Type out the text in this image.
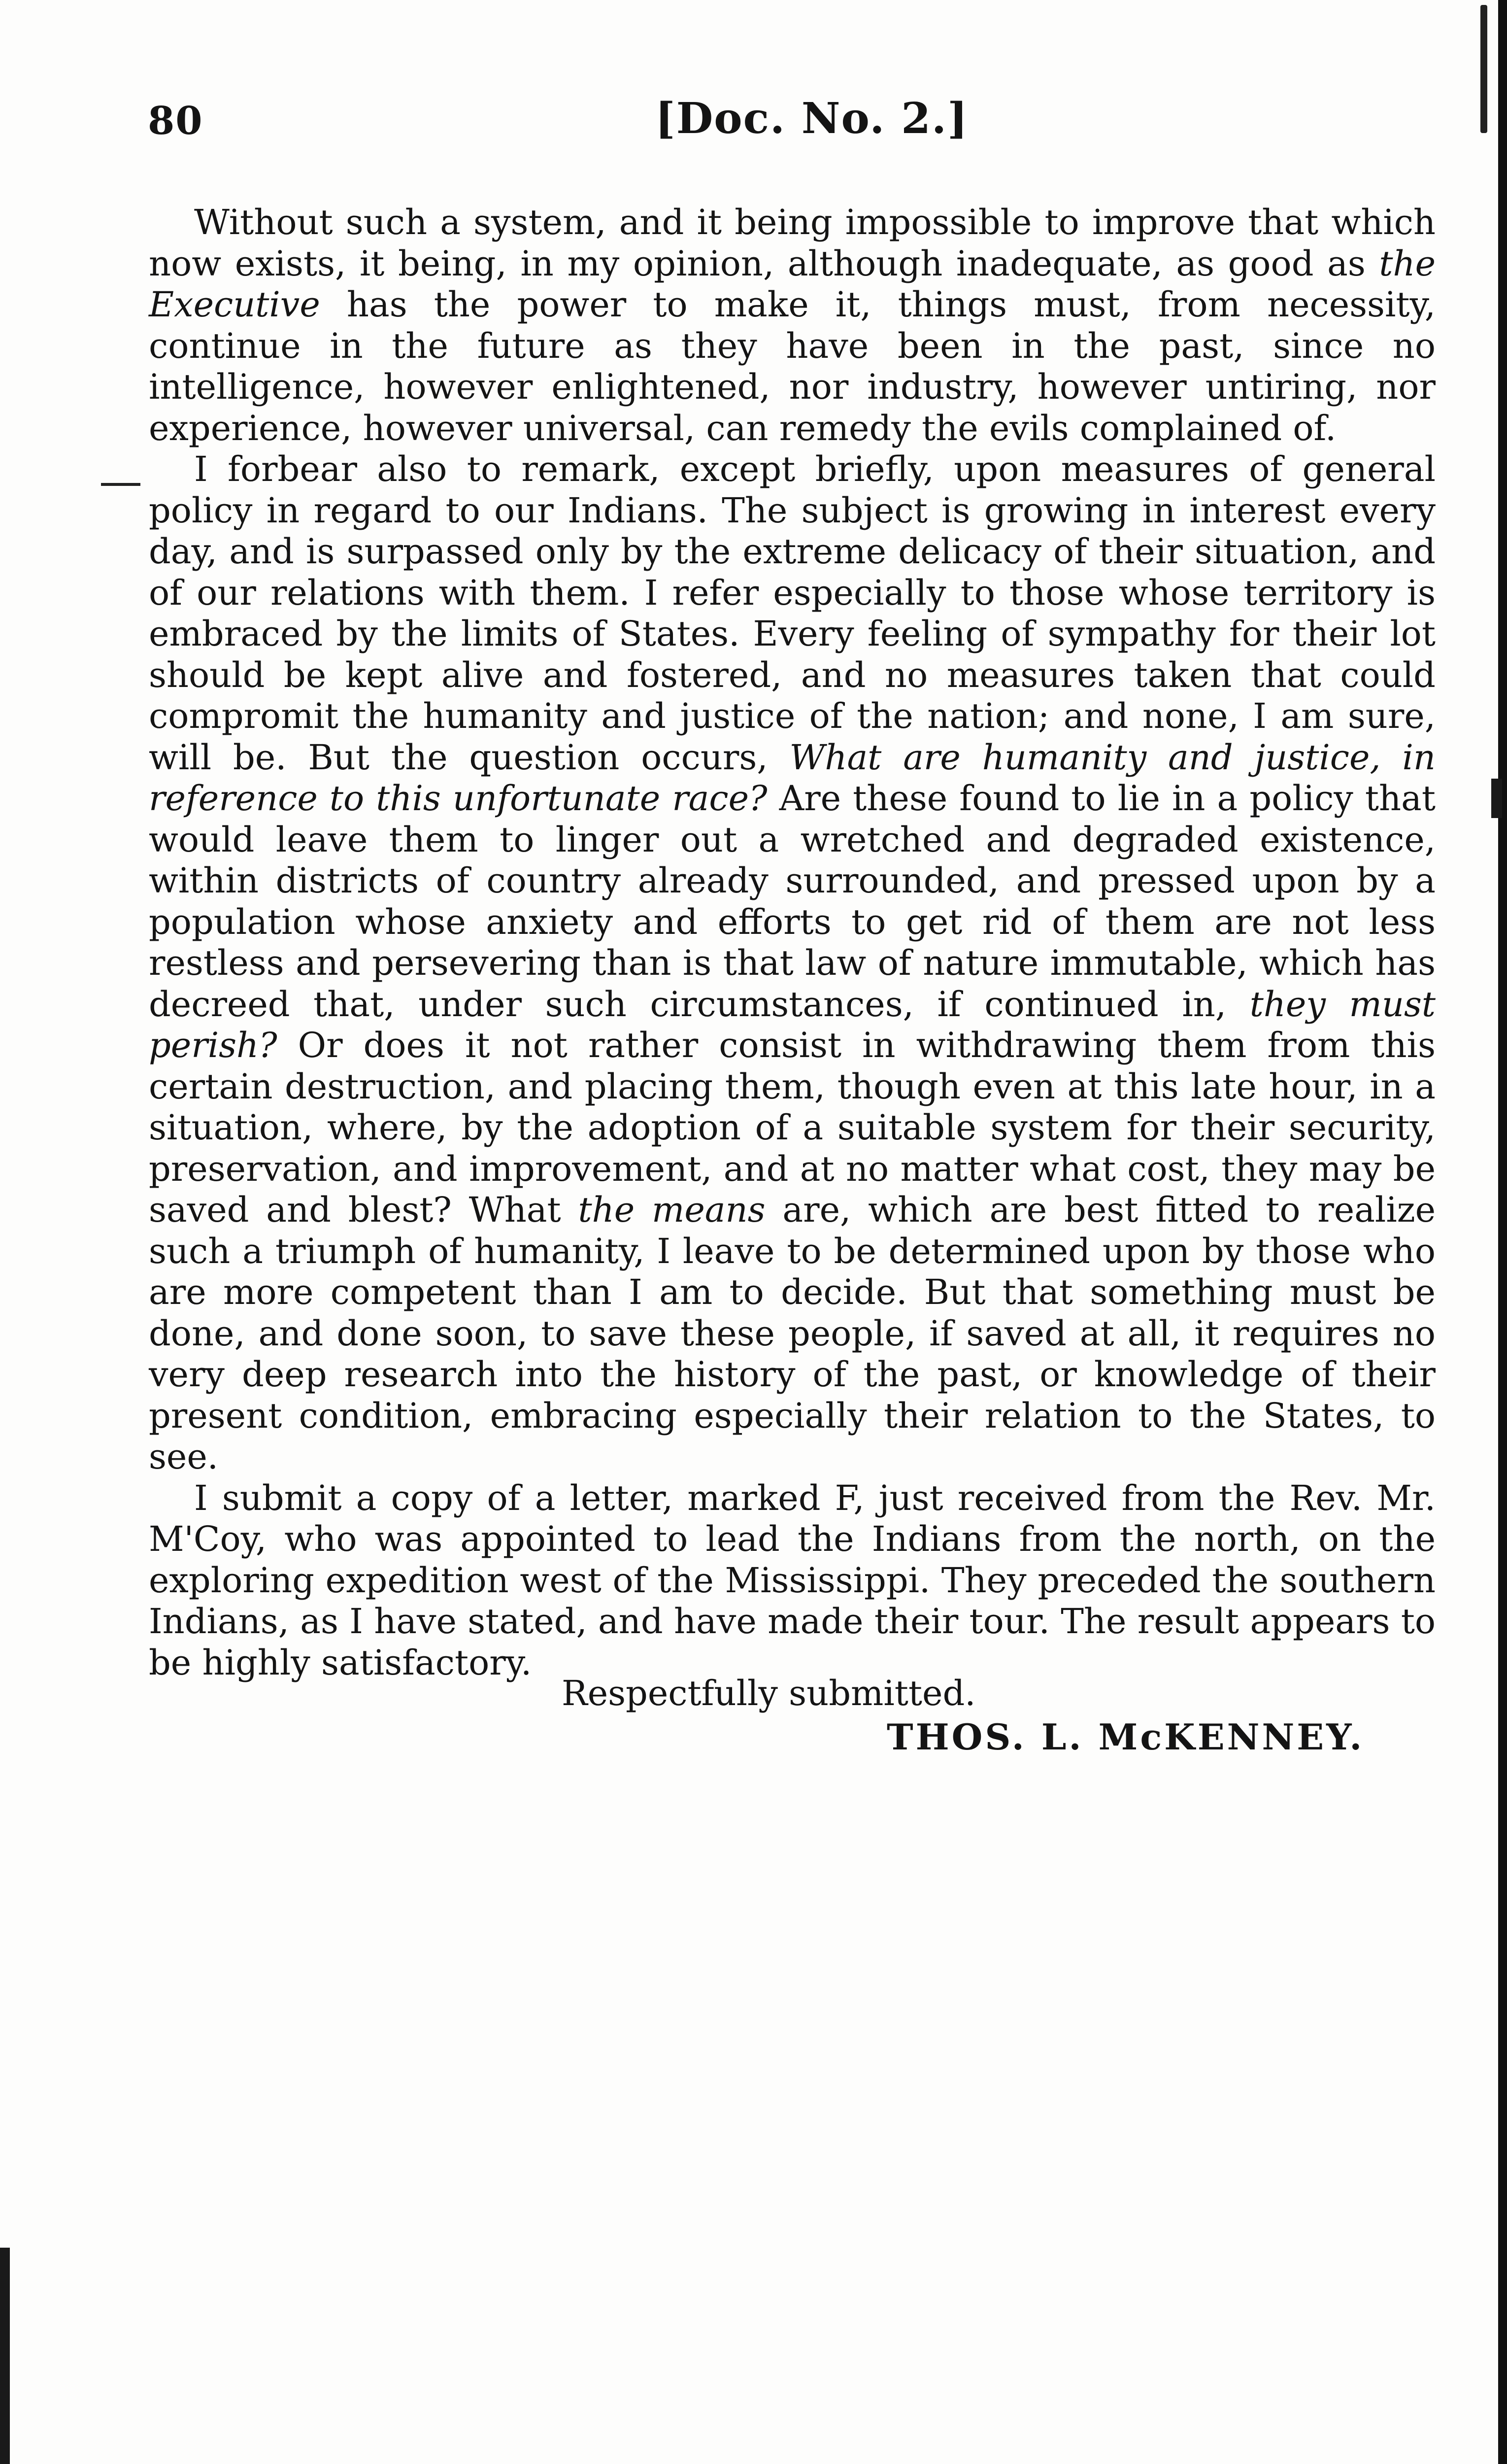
80	[Doc. No. 2.]

Without such a system, and it being impossible to improve that which now exists, it being, in my opinion, although inadequate, as good as the Executive has the power to make it, things must, from necessity, continue in the future as they have been in the past, since no intelligence, however enlightened, nor industry, however untiring, nor experience, however universal, can remedy the evils complained of.

I forbear also to remark, except briefly, upon measures of general policy in regard to our Indians. The subject is growing in interest every day, and is surpassed only by the extreme delicacy of their situation, and of our relations with them. I refer especially to those whose territory is embraced by the limits of States. Every feeling of sympathy for their lot should be kept alive and fostered, and no measures taken that could compromit the humanity and justice of the nation; and none, I am sure, will be. But the question occurs, What are humanity and justice, in reference to this unfortunate race? Are these found to lie in a policy that would leave them to linger out a wretched and degraded existence, within districts of country already surrounded, and pressed upon by a population whose anxiety and efforts to get rid of them are not less restless and persevering than is that law of nature immutable, which has decreed that, under such circumstances, if continued in, they must perish? Or does it not rather consist in withdrawing them from this certain destruction, and placing them, though even at this late hour, in a situation, where, by the adoption of a suitable system for their security, preservation, and improvement, and at no matter what cost, they may be saved and blest? What the means are, which are best fitted to realize such a triumph of humanity, I leave to be determined upon by those who are more competent than I am to decide. But that something must be done, and done soon, to save these people, if saved at all, it requires no very deep research into the history of the past, or knowledge of their present condition, embracing especially their relation to the States, to see.

I submit a copy of a letter, marked F, just received from the Rev. Mr. M'Coy, who was appointed to lead the Indians from the north, on the exploring expedition west of the Mississippi. They preceded the southern Indians, as I have stated, and have made their tour. The result appears to be highly satisfactory.

Respectfully submitted.
THOS. L. McKENNEY.
